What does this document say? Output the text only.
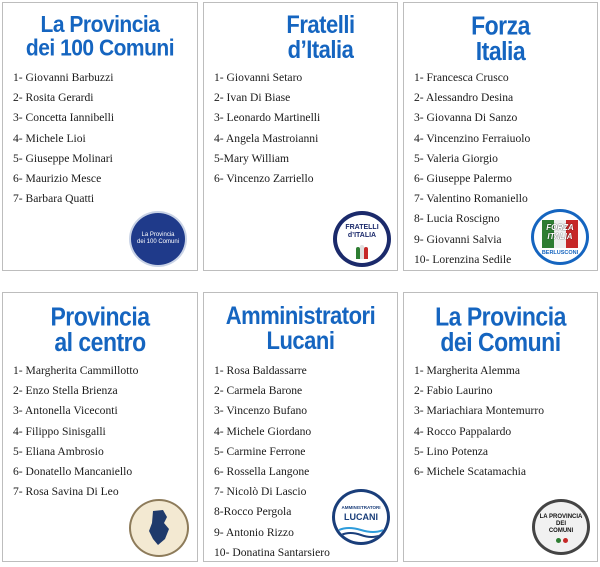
La Provincia
dei 100 Comuni
1- Giovanni Barbuzzi
2- Rosita Gerardi
3- Concetta Iannibelli
4- Michele Lioi
5- Giuseppe Molinari
6- Maurizio Mesce
7- Barbara Quatti
La Provincia
dei 100 Comuni
Fratelli
d’Italia
1- Giovanni Setaro
2- Ivan Di Biase
3- Leonardo Martinelli
4- Angela Mastroianni
5-Mary William
6- Vincenzo Zarriello
FRATELLI
d’ITALIA
Forza
Italia
1- Francesca Crusco
2- Alessandro Desina
3- Giovanna Di Sanzo
4- Vincenzino Ferraiuolo
5- Valeria Giorgio
6- Giuseppe Palermo
7- Valentino Romaniello
8- Lucia Roscigno
9- Giovanni Salvia
10- Lorenzina Sedile
FORZA
ITALIA
BERLUSCONI
Provincia
al centro
1- Margherita Cammillotto
2- Enzo Stella Brienza
3- Antonella Viceconti
4- Filippo Sinisgalli
5- Eliana Ambrosio
6- Donatello Mancaniello
7- Rosa Savina Di Leo
Amministratori
Lucani
1- Rosa Baldassarre
2- Carmela Barone
3- Vincenzo Bufano
4- Michele Giordano
5- Carmine Ferrone
6- Rossella Langone
7- Nicolò Di Lascio
8-Rocco Pergola
9- Antonio Rizzo
10- Donatina Santarsiero
AMMINISTRATORI
LUCANI
La Provincia
dei Comuni
1- Margherita Alemma
2- Fabio Laurino
3- Mariachiara Montemurro
4- Rocco Pappalardo
5- Lino Potenza
6- Michele Scatamachia
LA PROVINCIA
DEI
COMUNI
